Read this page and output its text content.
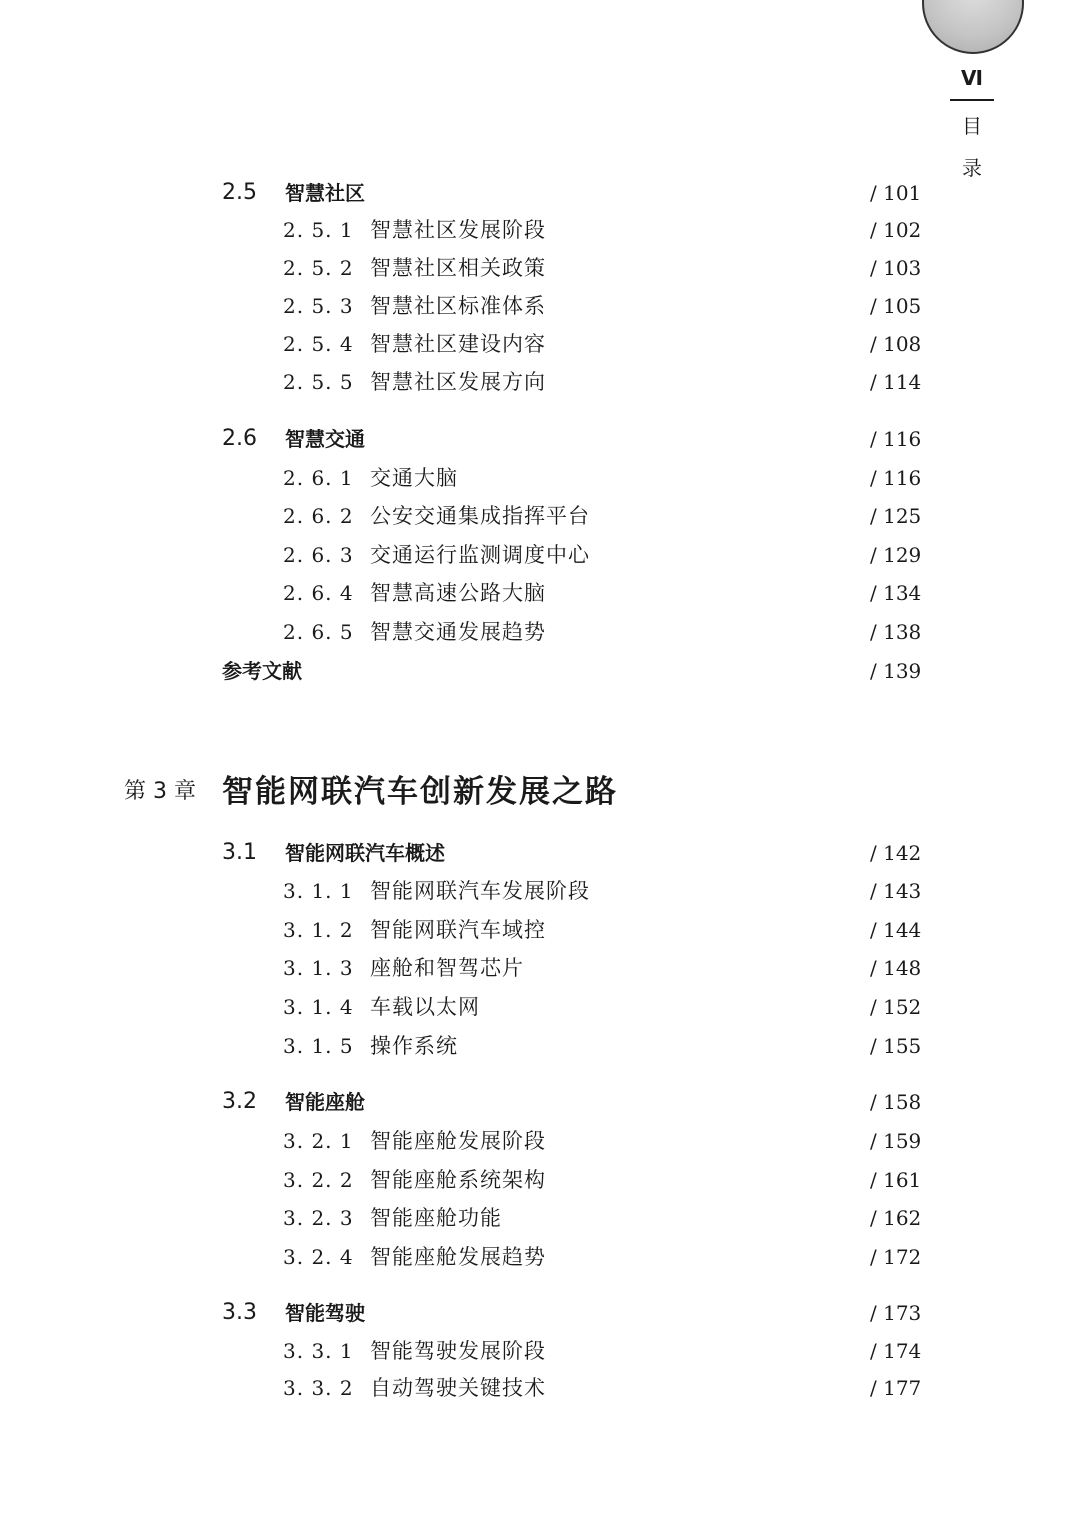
Ⅵ
目
录
2.5 智慧社区	/ 101
2. 5. 1 智慧社区发展阶段	/ 102
2. 5. 2 智慧社区相关政策	/ 103
2. 5. 3 智慧社区标准体系	/ 105
2. 5. 4 智慧社区建设内容	/ 108
2. 5. 5 智慧社区发展方向	/ 114
2.6 智慧交通	/ 116
2. 6. 1 交通大脑	/ 116
2. 6. 2 公安交通集成指挥平台	/ 125
2. 6. 3 交通运行监测调度中心	/ 129
2. 6. 4 智慧高速公路大脑	/ 134
2. 6. 5 智慧交通发展趋势	/ 138
参考文献	/ 139
第 3 章 智能网联汽车创新发展之路
3.1 智能网联汽车概述	/ 142
3. 1. 1 智能网联汽车发展阶段	/ 143
3. 1. 2 智能网联汽车域控	/ 144
3. 1. 3 座舱和智驾芯片	/ 148
3. 1. 4 车载以太网	/ 152
3. 1. 5 操作系统	/ 155
3.2 智能座舱	/ 158
3. 2. 1 智能座舱发展阶段	/ 159
3. 2. 2 智能座舱系统架构	/ 161
3. 2. 3 智能座舱功能	/ 162
3. 2. 4 智能座舱发展趋势	/ 172
3.3 智能驾驶	/ 173
3. 3. 1 智能驾驶发展阶段	/ 174
3. 3. 2 自动驾驶关键技术	/ 177
